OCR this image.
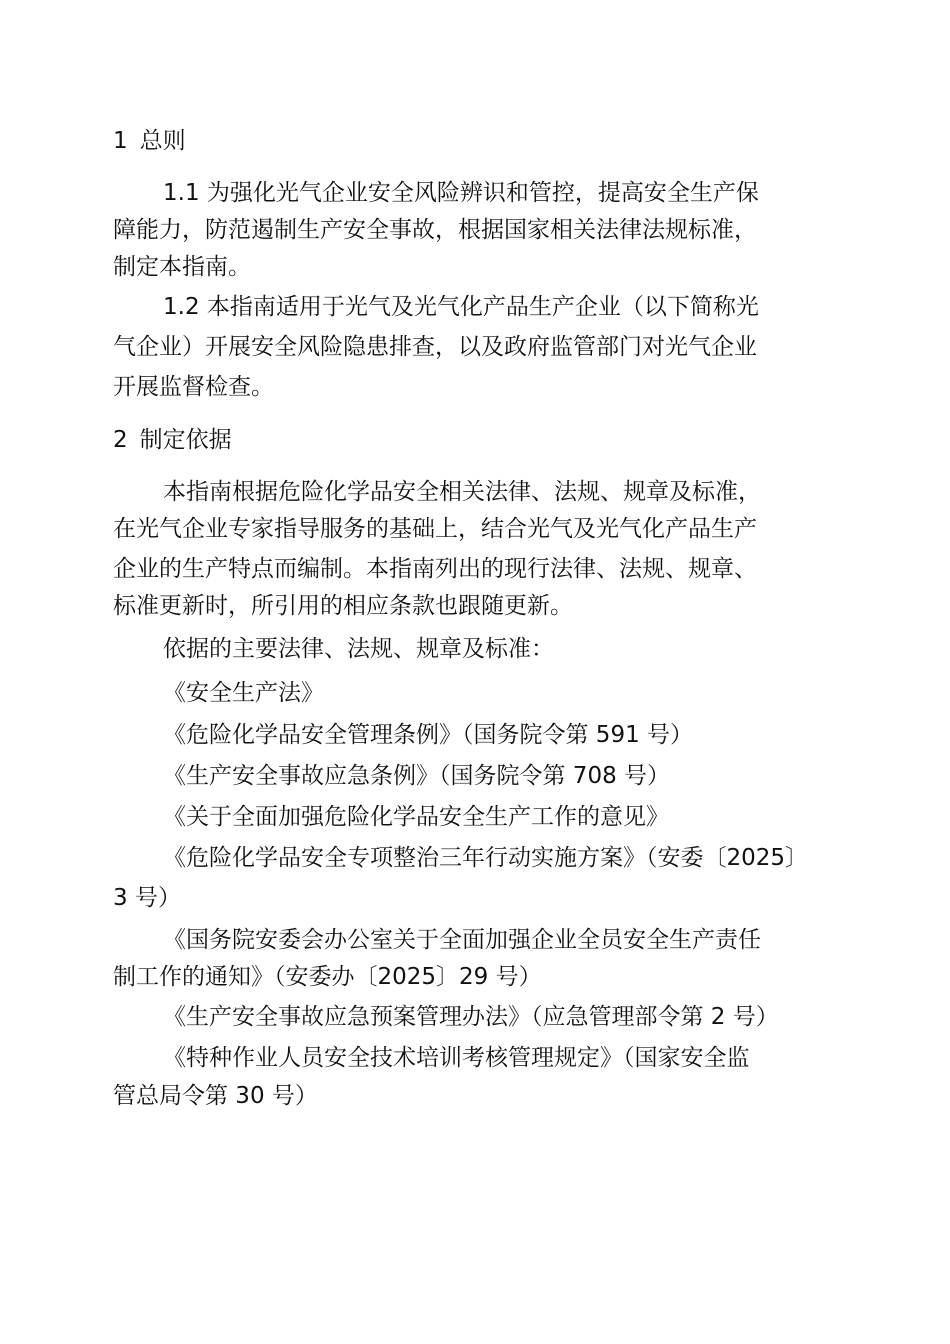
1 总则
1.1 为强化光气企业安全风险辨识和管控，提高安全生产保
障能力，防范遏制生产安全事故，根据国家相关法律法规标准，
制定本指南。
1.2 本指南适用于光气及光气化产品生产企业（以下简称光
气企业）开展安全风险隐患排查，以及政府监管部门对光气企业
开展监督检查。
2 制定依据
本指南根据危险化学品安全相关法律、法规、规章及标准，
在光气企业专家指导服务的基础上，结合光气及光气化产品生产
企业的生产特点而编制。本指南列出的现行法律、法规、规章、
标准更新时，所引用的相应条款也跟随更新。
依据的主要法律、法规、规章及标准：
《安全生产法》
《危险化学品安全管理条例》（国务院令第 591 号）
《生产安全事故应急条例》（国务院令第 708 号）
《关于全面加强危险化学品安全生产工作的意见》
《危险化学品安全专项整治三年行动实施方案》（安委〔2025〕
3 号）
《国务院安委会办公室关于全面加强企业全员安全生产责任
制工作的通知》（安委办〔2025〕29 号）
《生产安全事故应急预案管理办法》（应急管理部令第 2 号）
《特种作业人员安全技术培训考核管理规定》（国家安全监
管总局令第 30 号）
